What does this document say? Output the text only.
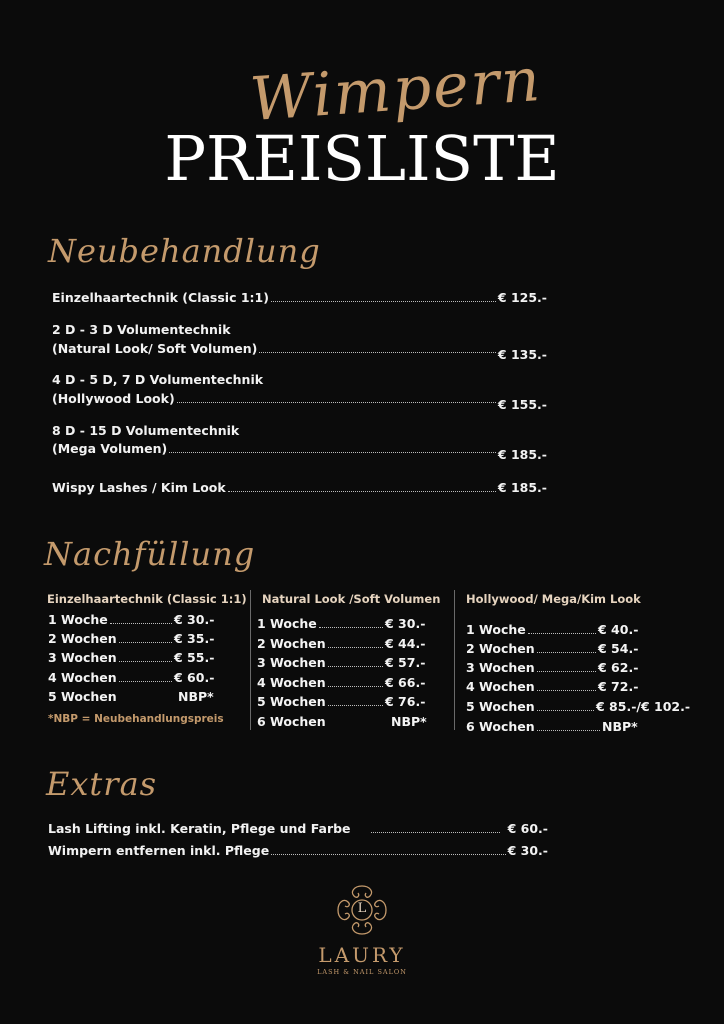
Wimpern
PREISLISTE
Neubehandlung
Einzelhaartechnik (Classic 1:1)	€ 125.-
2 D - 3 D Volumentechnik
(Natural Look/ Soft Volumen)	€ 135.-
4 D - 5 D, 7 D Volumentechnik
(Hollywood Look)	€ 155.-
8 D - 15 D Volumentechnik
(Mega Volumen)	€ 185.-
Wispy Lashes / Kim Look	€ 185.-
Nachfüllung
Einzelhaartechnik (Classic 1:1)
1 Woche	€ 30.-
2 Wochen	€ 35.-
3 Wochen	€ 55.-
4 Wochen	€ 60.-
5 Wochen	NBP*
*NBP = Neubehandlungspreis
Natural Look /Soft Volumen
1 Woche	€ 30.-
2 Wochen	€ 44.-
3 Wochen	€ 57.-
4 Wochen	€ 66.-
5 Wochen	€ 76.-
6 Wochen	NBP*
Hollywood/ Mega/Kim Look
1 Woche	€ 40.-
2 Wochen	€ 54.-
3 Wochen	€ 62.-
4 Wochen	€ 72.-
5 Wochen	€ 85.-/€ 102.-
6 Wochen	NBP*
Extras
Lash Lifting inkl. Keratin, Pflege und Farbe	€ 60.-
Wimpern entfernen inkl. Pflege	€ 30.-
L
LAURY
LASH & NAIL SALON
